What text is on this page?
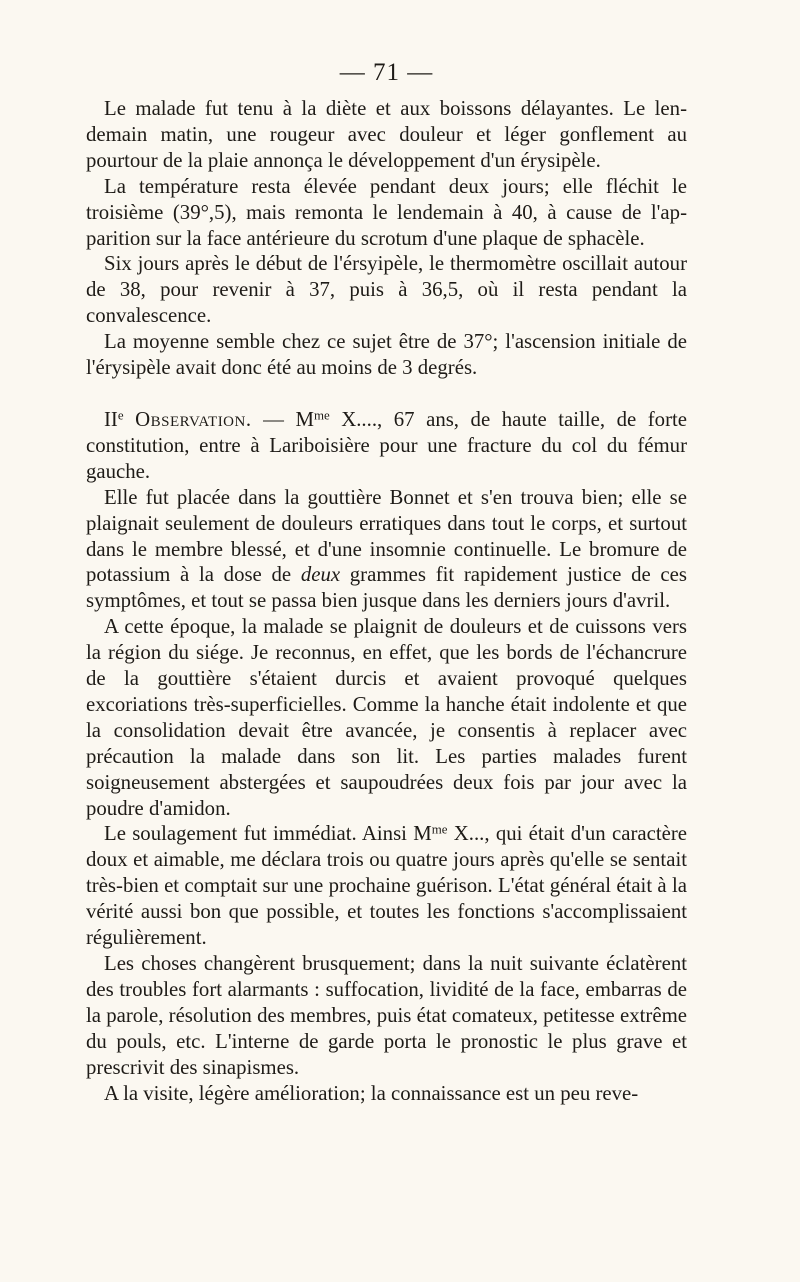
— 71 —

Le malade fut tenu à la diète et aux boissons délayantes. Le lendemain matin, une rougeur avec douleur et léger gonflement au pourtour de la plaie annonça le développement d'un érysipèle.

La température resta élevée pendant deux jours; elle fléchit le troisième (39°,5), mais remonta le lendemain à 40, à cause de l'apparition sur la face antérieure du scrotum d'une plaque de sphacèle.

Six jours après le début de l'érsyipèle, le thermomètre oscillait autour de 38, pour revenir à 37, puis à 36,5, où il resta pendant la convalescence.

La moyenne semble chez ce sujet être de 37°; l'ascension initiale de l'érysipèle avait donc été au moins de 3 degrés.

IIe Observation. — $M^{me}$ X...., 67 ans, de haute taille, de forte constitution, entre à Lariboisière pour une fracture du col du fémur gauche.

Elle fut placée dans la gouttière Bonnet et s'en trouva bien; elle se plaignait seulement de douleurs erratiques dans tout le corps, et surtout dans le membre blessé, et d'une insomnie continuelle. Le bromure de potassium à la dose de deux grammes fit rapidement justice de ces symptômes, et tout se passa bien jusque dans les derniers jours d'avril.

A cette époque, la malade se plaignit de douleurs et de cuissons vers la région du siége. Je reconnus, en effet, que les bords de l'échancrure de la gouttière s'étaient durcis et avaient provoqué quelques excoriations très-superficielles. Comme la hanche était indolente et que la consolidation devait être avancée, je consentis à replacer avec précaution la malade dans son lit. Les parties malades furent soigneusement abstergées et saupoudrées deux fois par jour avec la poudre d'amidon.

Le soulagement fut immédiat. Ainsi $M^{me}$ X..., qui était d'un caractère doux et aimable, me déclara trois ou quatre jours après qu'elle se sentait très-bien et comptait sur une prochaine guérison. L'état général était à la vérité aussi bon que possible, et toutes les fonctions s'accomplissaient régulièrement.

Les choses changèrent brusquement; dans la nuit suivante éclatèrent des troubles fort alarmants : suffocation, lividité de la face, embarras de la parole, résolution des membres, puis état comateux, petitesse extrême du pouls, etc. L'interne de garde porta le pronostic le plus grave et prescrivit des sinapismes.

A la visite, légère amélioration; la connaissance est un peu reve-
